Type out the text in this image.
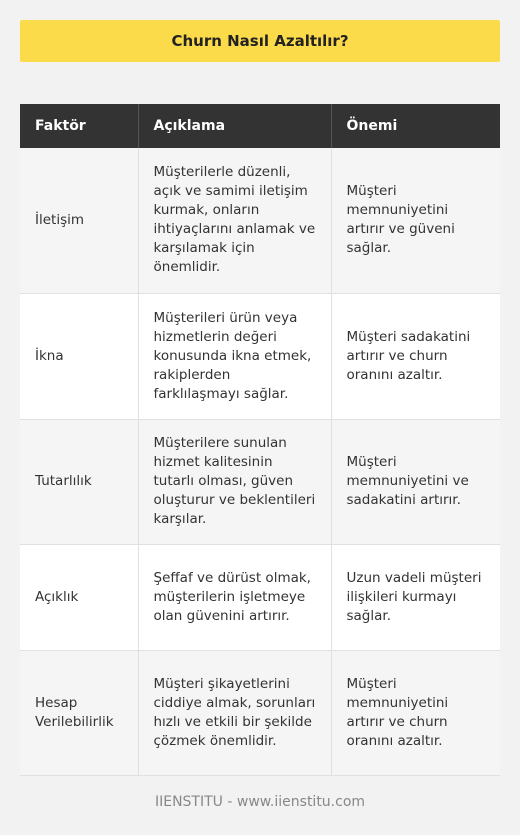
Churn Nasıl Azaltılır?
Faktör	Açıklama	Önemi
İletişim	Müşterilerle düzenli, açık ve samimi iletişim kurmak, onların ihtiyaçlarını anlamak ve karşılamak için önemlidir.	Müşteri memnuniyetini artırır ve güveni sağlar.
İkna	Müşterileri ürün veya hizmetlerin değeri konusunda ikna etmek, rakiplerden farklılaşmayı sağlar.	Müşteri sadakatini artırır ve churn oranını azaltır.
Tutarlılık	Müşterilere sunulan hizmet kalitesinin tutarlı olması, güven oluşturur ve beklentileri karşılar.	Müşteri memnuniyetini ve sadakatini artırır.
Açıklık	Şeffaf ve dürüst olmak, müşterilerin işletmeye olan güvenini artırır.	Uzun vadeli müşteri ilişkileri kurmayı sağlar.
Hesap Verilebilirlik	Müşteri şikayetlerini ciddiye almak, sorunları hızlı ve etkili bir şekilde çözmek önemlidir.	Müşteri memnuniyetini artırır ve churn oranını azaltır.
IIENSTITU - www.iienstitu.com
